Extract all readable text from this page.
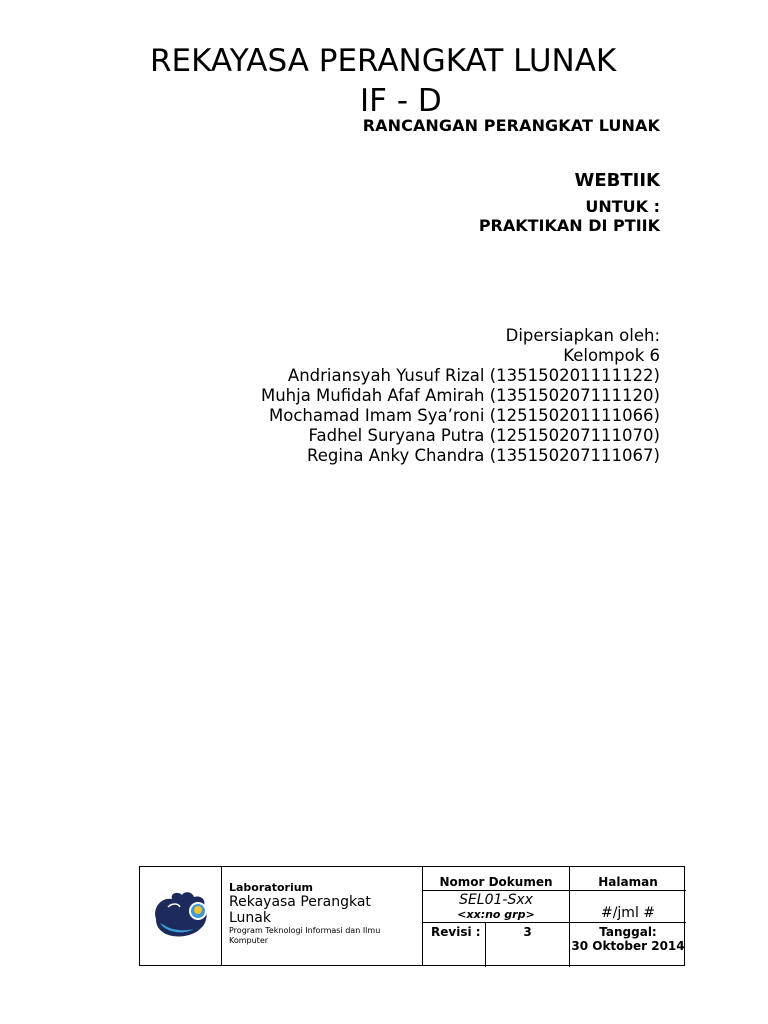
REKAYASA PERANGKAT LUNAK
IF - D
RANCANGAN PERANGKAT LUNAK
WEBTIIK
UNTUK :
PRAKTIKAN DI PTIIK
Dipersiapkan oleh:
Kelompok 6
Andriansyah Yusuf Rizal (135150201111122)
Muhja Mufidah Afaf Amirah (135150207111120)
Mochamad Imam Sya’roni (125150201111066)
Fadhel Suryana Putra (125150207111070)
Regina Anky Chandra (135150207111067)
Laboratorium
Rekayasa Perangkat Lunak
Program Teknologi Informasi dan Ilmu Komputer
Nomor Dokumen	Halaman
SEL01-Sxx
<xx:no grp>	#/jml #
Revisi :	3	Tanggal:
30 Oktober 2014
